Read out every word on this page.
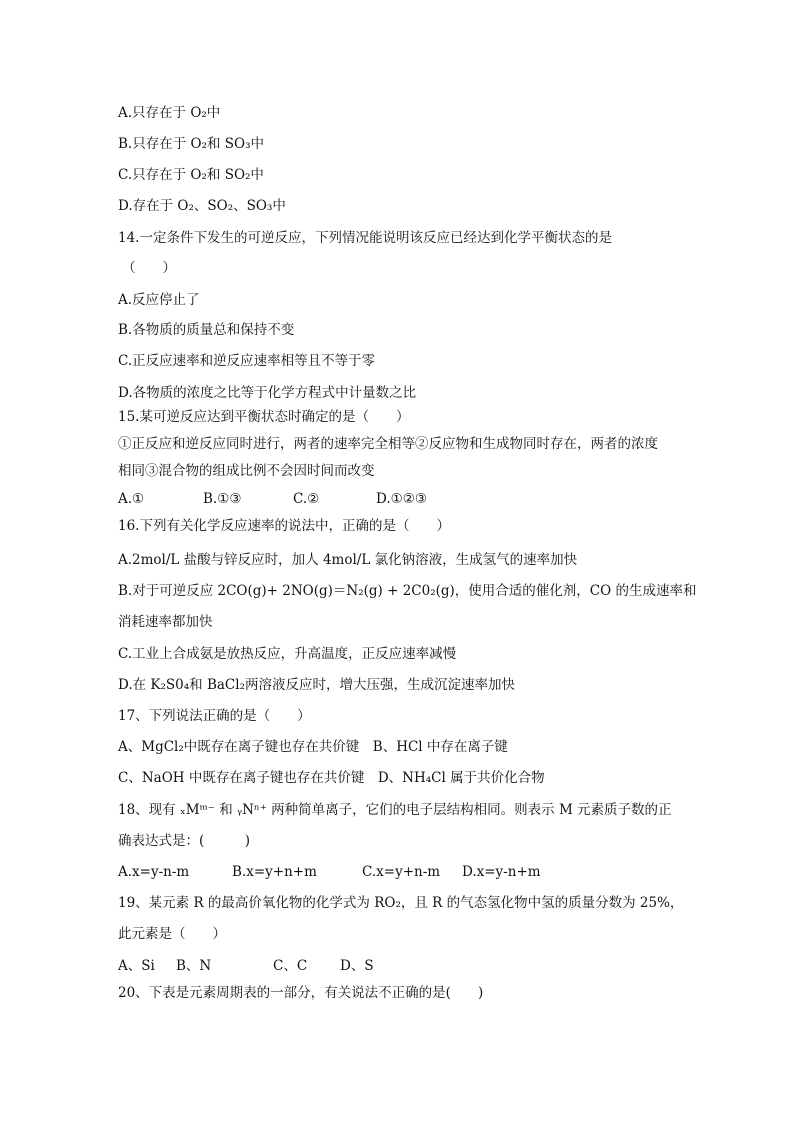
A.只存在于 O₂中
B.只存在于 O₂和 SO₃中
C.只存在于 O₂和 SO₂中
D.存在于 O₂、SO₂、SO₃中
14.一定条件下发生的可逆反应，下列情况能说明该反应已经达到化学平衡状态的是
（　　）
A.反应停止了
B.各物质的质量总和保持不变
C.正反应速率和逆反应速率相等且不等于零
D.各物质的浓度之比等于化学方程式中计量数之比
15.某可逆反应达到平衡状态时确定的是（　　）
①正反应和逆反应同时进行，两者的速率完全相等②反应物和生成物同时存在，两者的浓度
相同③混合物的组成比例不会因时间而改变
A.①	B.①③	C.②	D.①②③
16.下列有关化学反应速率的说法中，正确的是（　　）
A.2mol/L 盐酸与锌反应时，加人 4mol/L 氯化钠溶液，生成氢气的速率加快
B.对于可逆反应 2CO(g)+ 2NO(g)＝N₂(g) + 2C0₂(g)，使用合适的催化剂，CO 的生成速率和
消耗速率都加快
C.工业上合成氨是放热反应，升高温度，正反应速率减慢
D.在 K₂S0₄和 BaCl₂两溶液反应时，增大压强，生成沉淀速率加快
17、下列说法正确的是（　　）
A、MgCl₂中既存在离子键也存在共价键　B、HCl 中存在离子键
C、NaOH 中既存在离子键也存在共价键　D、NH₄Cl 属于共价化合物
18、现有 ₓMᵐ⁻ 和 ᵧNⁿ⁺ 两种简单离子，它们的电子层结构相同。则表示 M 元素质子数的正
确表达式是：(　　　)
A.x=y-n-m	B.x=y+n+m	C.x=y+n-m D.x=y-n+m
19、某元素 R 的最高价氧化物的化学式为 RO₂，且 R 的气态氢化物中氢的质量分数为 25%，
此元素是（　　）
A、Si B、N	C、C D、S
20、下表是元素周期表的一部分，有关说法不正确的是(　　)
